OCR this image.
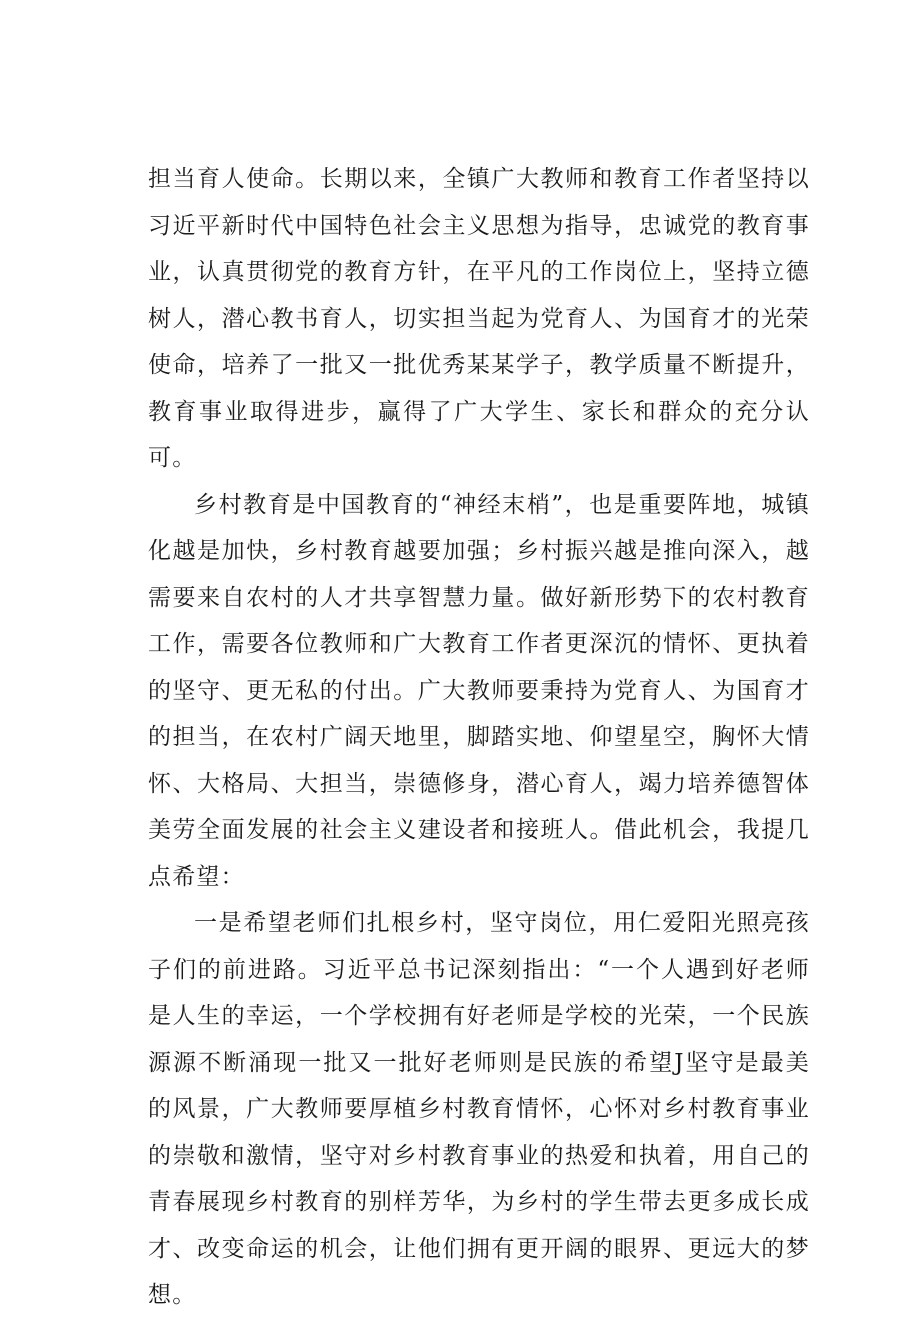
担当育人使命。长期以来，全镇广大教师和教育工作者坚持以习近平新时代中国特色社会主义思想为指导，忠诚党的教育事业，认真贯彻党的教育方针，在平凡的工作岗位上，坚持立德树人，潜心教书育人，切实担当起为党育人、为国育才的光荣使命，培养了一批又一批优秀某某学子，教学质量不断提升，教育事业取得进步，赢得了广大学生、家长和群众的充分认可。

乡村教育是中国教育的“神经末梢”，也是重要阵地，城镇化越是加快，乡村教育越要加强；乡村振兴越是推向深入，越需要来自农村的人才共享智慧力量。做好新形势下的农村教育工作，需要各位教师和广大教育工作者更深沉的情怀、更执着的坚守、更无私的付出。广大教师要秉持为党育人、为国育才的担当，在农村广阔天地里，脚踏实地、仰望星空，胸怀大情怀、大格局、大担当，崇德修身，潜心育人，竭力培养德智体美劳全面发展的社会主义建设者和接班人。借此机会，我提几点希望：

一是希望老师们扎根乡村，坚守岗位，用仁爱阳光照亮孩子们的前进路。习近平总书记深刻指出：“一个人遇到好老师是人生的幸运，一个学校拥有好老师是学校的光荣，一个民族源源不断涌现一批又一批好老师则是民族的希望J坚守是最美的风景，广大教师要厚植乡村教育情怀，心怀对乡村教育事业的崇敬和激情，坚守对乡村教育事业的热爱和执着，用自己的青春展现乡村教育的别样芳华，为乡村的学生带去更多成长成才、改变命运的机会，让他们拥有更开阔的眼界、更远大的梦想。
